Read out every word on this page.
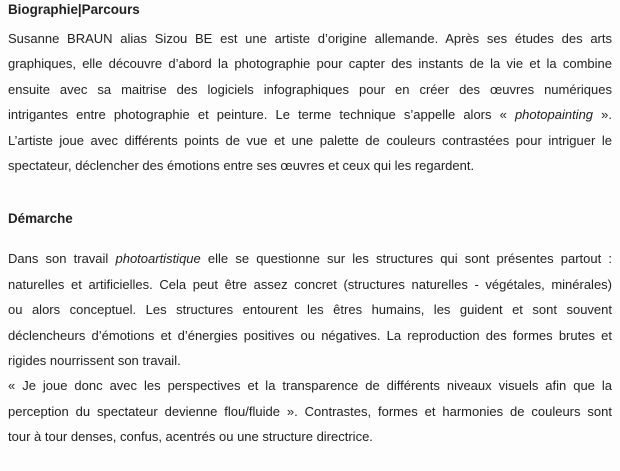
Biographie|Parcours
Susanne BRAUN alias Sizou BE est une artiste d’origine allemande. Après ses études des arts
graphiques, elle découvre d’abord la photographie pour capter des instants de la vie et la combine
ensuite avec sa maitrise des logiciels infographiques pour en créer des œuvres numériques
intrigantes entre photographie et peinture. Le terme technique s’appelle alors « photopainting ».
L’artiste joue avec différents points de vue et une palette de couleurs contrastées pour intriguer le
spectateur, déclencher des émotions entre ses œuvres et ceux qui les regardent.
Démarche
Dans son travail photoartistique elle se questionne sur les structures qui sont présentes partout :
naturelles et artificielles. Cela peut être assez concret (structures naturelles - végétales, minérales)
ou alors conceptuel. Les structures entourent les êtres humains, les guident et sont souvent
déclencheurs d’émotions et d’énergies positives ou négatives. La reproduction des formes brutes et
rigides nourrissent son travail.
« Je joue donc avec les perspectives et la transparence de différents niveaux visuels afin que la
perception du spectateur devienne flou/fluide ». Contrastes, formes et harmonies de couleurs sont
tour à tour denses, confus, acentrés ou une structure directrice.
